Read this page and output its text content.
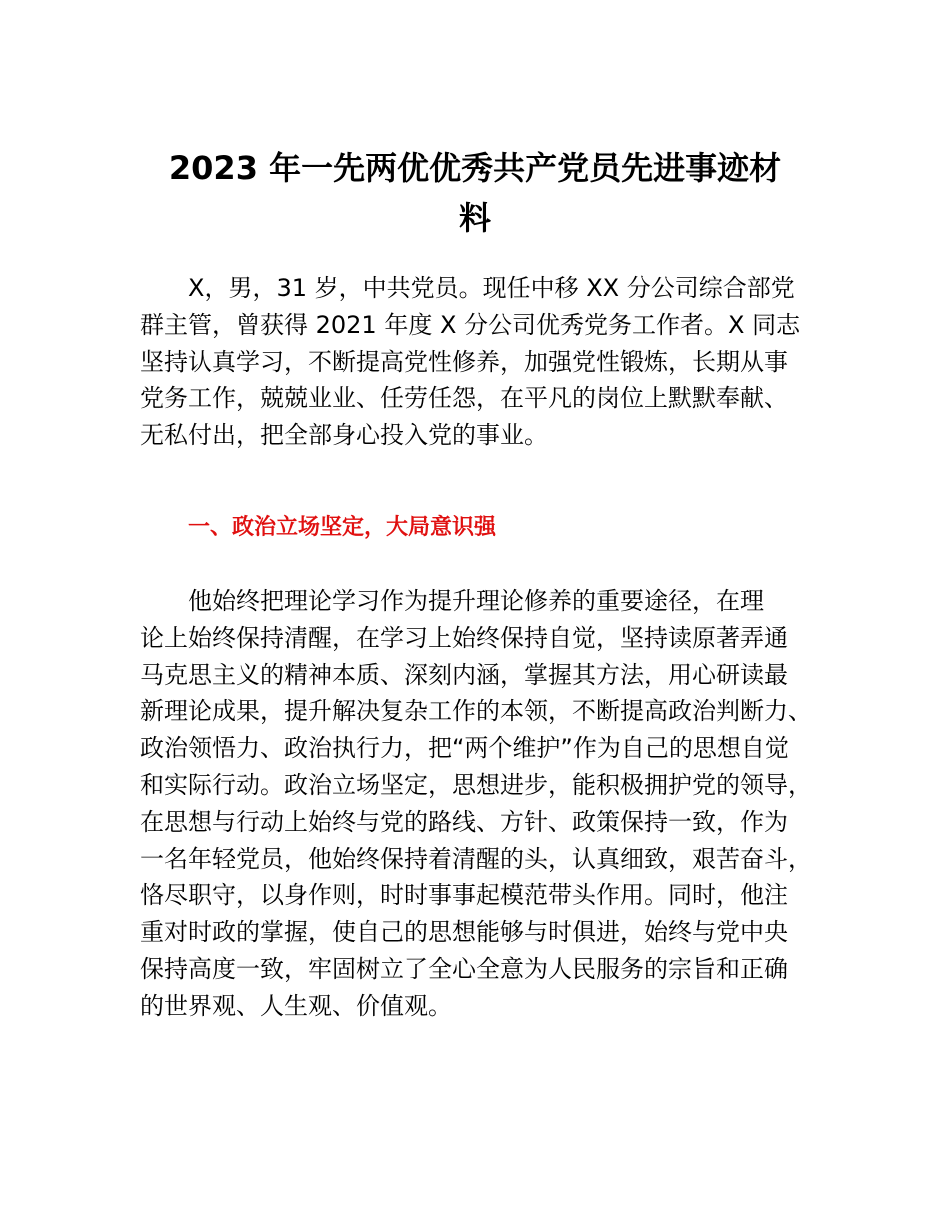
2023 年一先两优优秀共产党员先进事迹材
料

X，男，31 岁，中共党员。现任中移 XX 分公司综合部党
群主管，曾获得 2021 年度 X 分公司优秀党务工作者。X 同志
坚持认真学习，不断提高党性修养，加强党性锻炼，长期从事
党务工作，兢兢业业、任劳任怨，在平凡的岗位上默默奉献、
无私付出，把全部身心投入党的事业。

一、政治立场坚定，大局意识强

他始终把理论学习作为提升理论修养的重要途径，在理
论上始终保持清醒，在学习上始终保持自觉，坚持读原著弄通
马克思主义的精神本质、深刻内涵，掌握其方法，用心研读最
新理论成果，提升解决复杂工作的本领，不断提高政治判断力、
政治领悟力、政治执行力，把“两个维护”作为自己的思想自觉
和实际行动。政治立场坚定，思想进步，能积极拥护党的领导，
在思想与行动上始终与党的路线、方针、政策保持一致，作为
一名年轻党员，他始终保持着清醒的头，认真细致，艰苦奋斗，
恪尽职守，以身作则，时时事事起模范带头作用。同时，他注
重对时政的掌握，使自己的思想能够与时俱进，始终与党中央
保持高度一致，牢固树立了全心全意为人民服务的宗旨和正确
的世界观、人生观、价值观。
